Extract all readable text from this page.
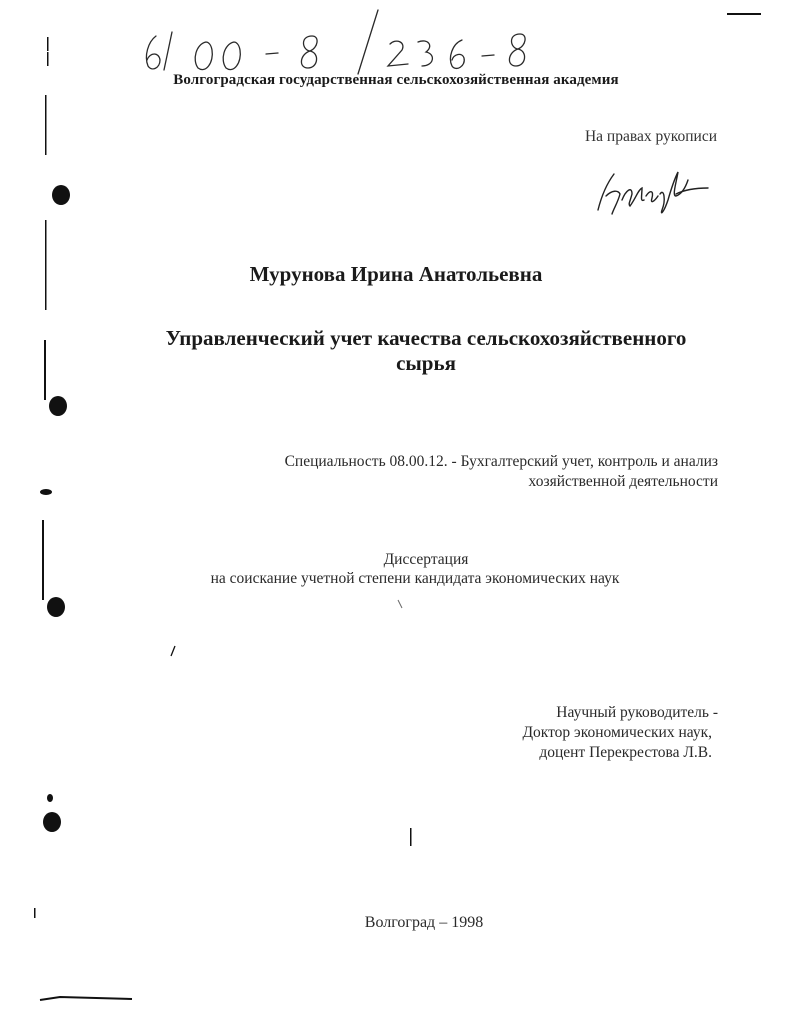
Волгоградская государственная сельскохозяйственная академия
На правах рукописи
Мурунова Ирина Анатольевна
Управленческий учет качества сельскохозяйственного
сырья
Специальность 08.00.12. - Бухгалтерский учет, контроль и анализ
хозяйственной деятельности
Диссертация
на соискание учетной степени кандидата экономических наук
Научный руководитель -
Доктор экономических наук,
доцент Перекрестова Л.В.
Волгоград – 1998
